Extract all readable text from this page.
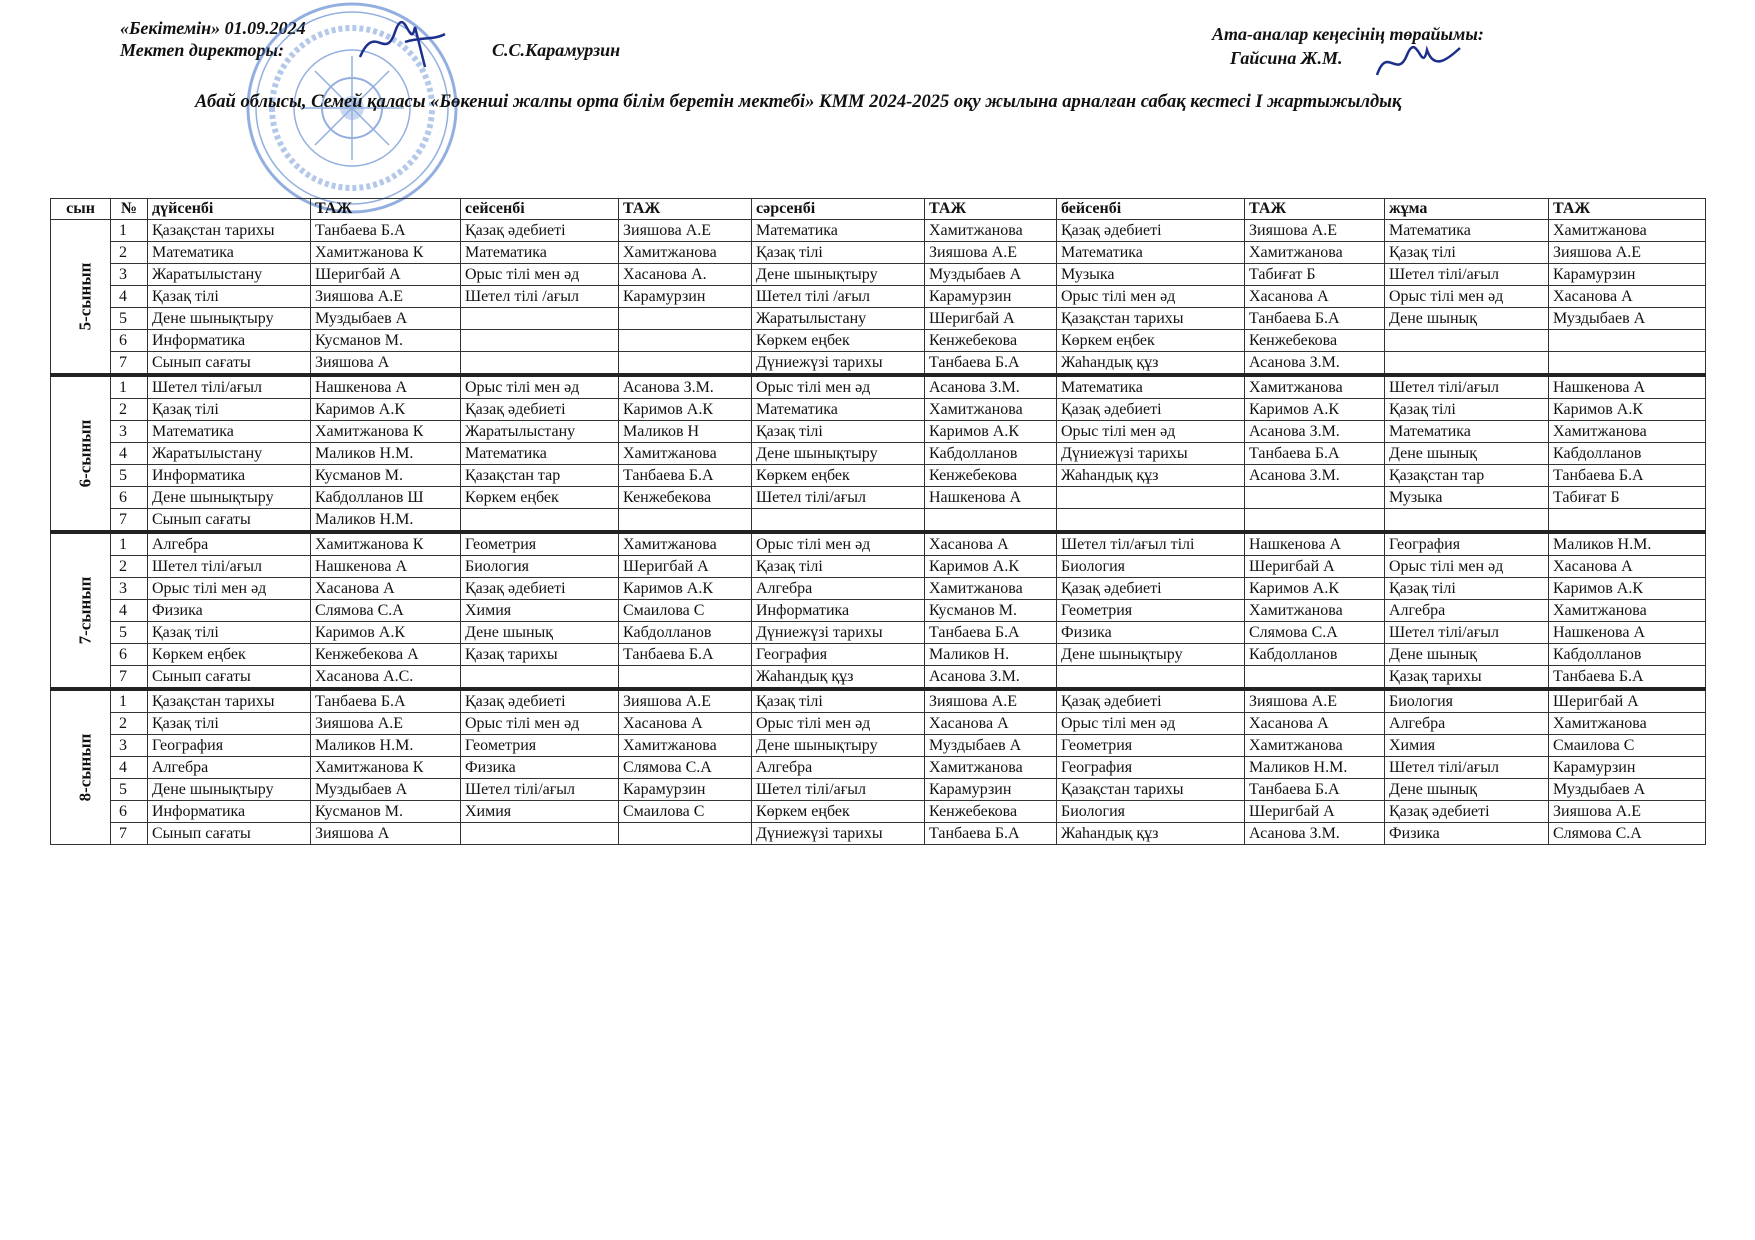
«Бекітемін» 01.09.2024
Мектеп директоры:	С.С.Карамурзин
Ата-аналар кеңесінің төрайымы:
Гайсина Ж.М.
Абай облысы, Семей қаласы «Бөкенші жалпы орта білім беретін мектебі» КММ 2024-2025 оқу жылына арналған сабақ кестесі І жартыжылдық
сын	№	дүйсенбі	ТАЖ	сейсенбі	ТАЖ	сәрсенбі	ТАЖ	бейсенбі	ТАЖ	жұма	ТАЖ
5-сынып	1	Қазақстан тарихы	Танбаева Б.А	Қазақ әдебиеті	Зияшова А.Е	Математика	Хамитжанова	Қазақ әдебиеті	Зияшова А.Е	Математика	Хамитжанова
	2	Математика	Хамитжанова К	Математика	Хамитжанова	Қазақ тілі	Зияшова А.Е	Математика	Хамитжанова	Қазақ тілі	Зияшова А.Е
	3	Жаратылыстану	Шеригбай А	Орыс тілі мен әд	Хасанова А.	Дене шынықтыру	Муздыбаев А	Музыка	Табиғат Б	Шетел тілі/ағыл	Карамурзин
	4	Қазақ тілі	Зияшова А.Е	Шетел тілі /ағыл	Карамурзин	Шетел тілі /ағыл	Карамурзин	Орыс тілі мен әд	Хасанова А	Орыс тілі мен әд	Хасанова А
	5	Дене шынықтыру	Муздыбаев А			Жаратылыстану	Шеригбай А	Қазақстан тарихы	Танбаева Б.А	Дене шынық	Муздыбаев А
	6	Информатика	Кусманов М.			Көркем еңбек	Кенжебекова	Көркем еңбек	Кенжебекова		
	7	Сынып сағаты	Зияшова А			Дүниежүзі тарихы	Танбаева Б.А	Жаһандық құз	Асанова З.М.		
6-сынып	1	Шетел тілі/ағыл	Нашкенова А	Орыс тілі мен әд	Асанова З.М.	Орыс тілі мен әд	Асанова З.М.	Математика	Хамитжанова	Шетел тілі/ағыл	Нашкенова А
	2	Қазақ тілі	Каримов А.К	Қазақ әдебиеті	Каримов А.К	Математика	Хамитжанова	Қазақ әдебиеті	Каримов А.К	Қазақ тілі	Каримов А.К
	3	Математика	Хамитжанова К	Жаратылыстану	Маликов Н	Қазақ тілі	Каримов А.К	Орыс тілі мен әд	Асанова З.М.	Математика	Хамитжанова
	4	Жаратылыстану	Маликов Н.М.	Математика	Хамитжанова	Дене шынықтыру	Кабдолланов	Дүниежүзі тарихы	Танбаева Б.А	Дене шынық	Кабдолланов
	5	Информатика	Кусманов М.	Қазақстан тар	Танбаева Б.А	Көркем еңбек	Кенжебекова	Жаһандық құз	Асанова З.М.	Қазақстан тар	Танбаева Б.А
	6	Дене шынықтыру	Кабдолланов Ш	Көркем еңбек	Кенжебекова	Шетел тілі/ағыл	Нашкенова А			Музыка	Табиғат Б
	7	Сынып сағаты	Маликов Н.М.								
7-сынып	1	Алгебра	Хамитжанова К	Геометрия	Хамитжанова	Орыс тілі мен әд	Хасанова А	Шетел тіл/ағыл тілі	Нашкенова А	География	Маликов Н.М.
	2	Шетел тілі/ағыл	Нашкенова А	Биология	Шеригбай А	Қазақ тілі	Каримов А.К	Биология	Шеригбай А	Орыс тілі мен әд	Хасанова А
	3	Орыс тілі мен әд	Хасанова А	Қазақ әдебиеті	Каримов А.К	Алгебра	Хамитжанова	Қазақ әдебиеті	Каримов А.К	Қазақ тілі	Каримов А.К
	4	Физика	Слямова С.А	Химия	Смаилова С	Информатика	Кусманов М.	Геометрия	Хамитжанова	Алгебра	Хамитжанова
	5	Қазақ тілі	Каримов А.К	Дене шынық	Кабдолланов	Дүниежүзі тарихы	Танбаева Б.А	Физика	Слямова С.А	Шетел тілі/ағыл	Нашкенова А
	6	Көркем еңбек	Кенжебекова А	Қазақ тарихы	Танбаева Б.А	География	Маликов Н.	Дене шынықтыру	Кабдолланов	Дене шынық	Кабдолланов
	7	Сынып сағаты	Хасанова А.С.			Жаһандық құз	Асанова З.М.			Қазақ тарихы	Танбаева Б.А
8-сынып	1	Қазақстан тарихы	Танбаева Б.А	Қазақ әдебиеті	Зияшова А.Е	Қазақ тілі	Зияшова А.Е	Қазақ әдебиеті	Зияшова А.Е	Биология	Шеригбай А
	2	Қазақ тілі	Зияшова А.Е	Орыс тілі мен әд	Хасанова А	Орыс тілі мен әд	Хасанова А	Орыс тілі мен әд	Хасанова А	Алгебра	Хамитжанова
	3	География	Маликов Н.М.	Геометрия	Хамитжанова	Дене шынықтыру	Муздыбаев А	Геометрия	Хамитжанова	Химия	Смаилова С
	4	Алгебра	Хамитжанова К	Физика	Слямова С.А	Алгебра	Хамитжанова	География	Маликов Н.М.	Шетел тілі/ағыл	Карамурзин
	5	Дене шынықтыру	Муздыбаев А	Шетел тілі/ағыл	Карамурзин	Шетел тілі/ағыл	Карамурзин	Қазақстан тарихы	Танбаева Б.А	Дене шынық	Муздыбаев А
	6	Информатика	Кусманов М.	Химия	Смаилова С	Көркем еңбек	Кенжебекова	Биология	Шеригбай А	Қазақ әдебиеті	Зияшова А.Е
	7	Сынып сағаты	Зияшова А			Дүниежүзі тарихы	Танбаева Б.А	Жаһандық құз	Асанова З.М.	Физика	Слямова С.А
